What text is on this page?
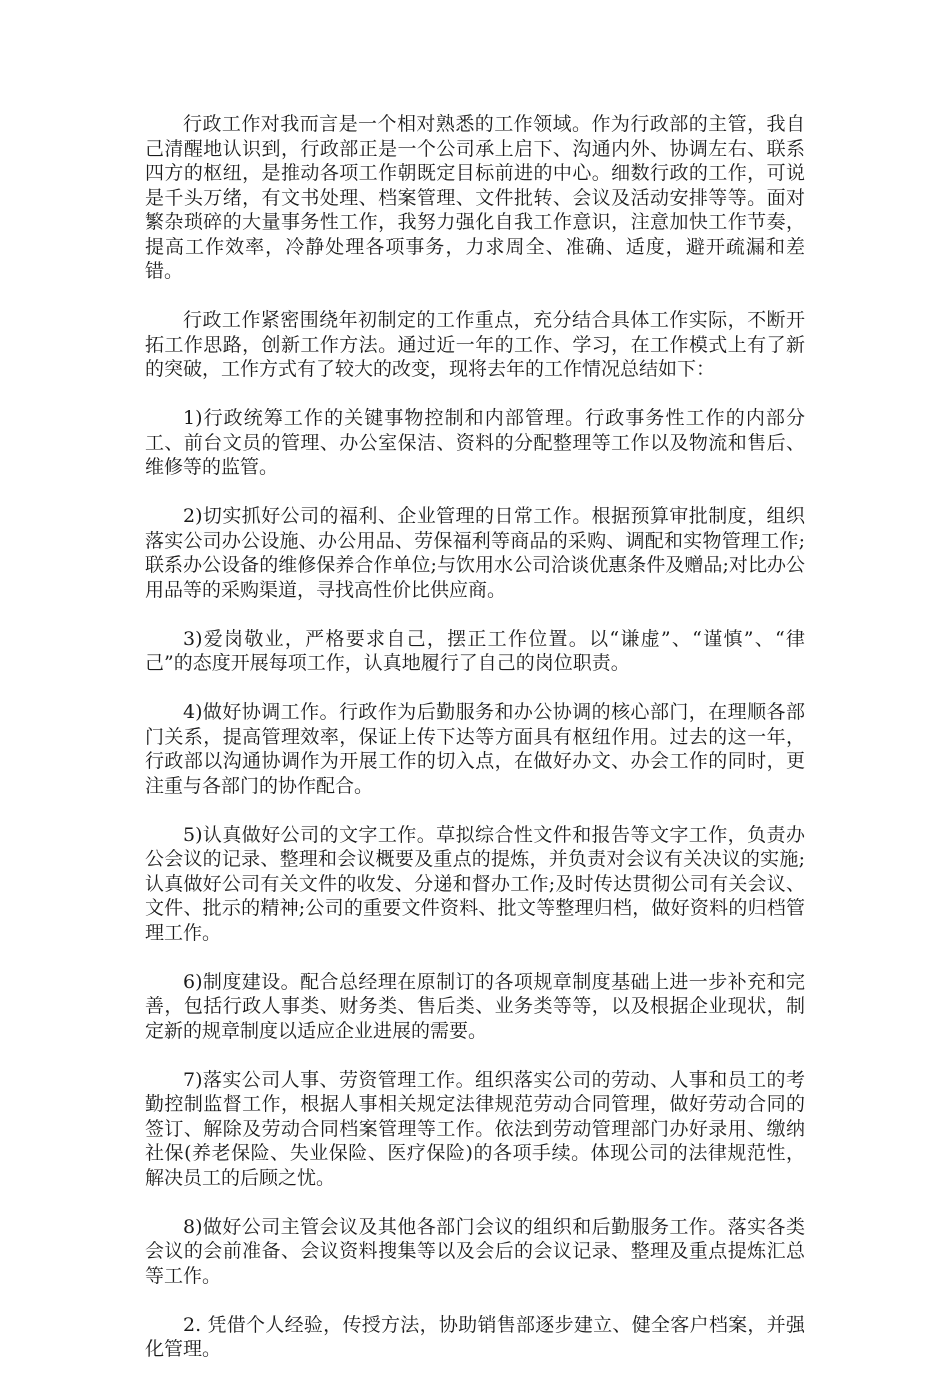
行政工作对我而言是一个相对熟悉的工作领域。作为行政部的主管，我自己清醒地认识到，行政部正是一个公司承上启下、沟通内外、协调左右、联系四方的枢纽，是推动各项工作朝既定目标前进的中心。细数行政的工作，可说是千头万绪，有文书处理、档案管理、文件批转、会议及活动安排等等。面对繁杂琐碎的大量事务性工作，我努力强化自我工作意识，注意加快工作节奏，提高工作效率，冷静处理各项事务，力求周全、准确、适度，避开疏漏和差错。

行政工作紧密围绕年初制定的工作重点，充分结合具体工作实际，不断开拓工作思路，创新工作方法。通过近一年的工作、学习，在工作模式上有了新的突破，工作方式有了较大的改变，现将去年的工作情况总结如下：

1)行政统筹工作的关键事物控制和内部管理。行政事务性工作的内部分工、前台文员的管理、办公室保洁、资料的分配整理等工作以及物流和售后、维修等的监管。

2)切实抓好公司的福利、企业管理的日常工作。根据预算审批制度，组织落实公司办公设施、办公用品、劳保福利等商品的采购、调配和实物管理工作;联系办公设备的维修保养合作单位;与饮用水公司洽谈优惠条件及赠品;对比办公用品等的采购渠道，寻找高性价比供应商。

3)爱岗敬业，严格要求自己，摆正工作位置。以“谦虚”、“谨慎”、“律己”的态度开展每项工作，认真地履行了自己的岗位职责。

4)做好协调工作。行政作为后勤服务和办公协调的核心部门，在理顺各部门关系，提高管理效率，保证上传下达等方面具有枢纽作用。过去的这一年，行政部以沟通协调作为开展工作的切入点，在做好办文、办会工作的同时，更注重与各部门的协作配合。

5)认真做好公司的文字工作。草拟综合性文件和报告等文字工作，负责办公会议的记录、整理和会议概要及重点的提炼，并负责对会议有关决议的实施;认真做好公司有关文件的收发、分递和督办工作;及时传达贯彻公司有关会议、文件、批示的精神;公司的重要文件资料、批文等整理归档，做好资料的归档管理工作。

6)制度建设。配合总经理在原制订的各项规章制度基础上进一步补充和完善，包括行政人事类、财务类、售后类、业务类等等，以及根据企业现状，制定新的规章制度以适应企业进展的需要。

7)落实公司人事、劳资管理工作。组织落实公司的劳动、人事和员工的考勤控制监督工作，根据人事相关规定法律规范劳动合同管理，做好劳动合同的签订、解除及劳动合同档案管理等工作。依法到劳动管理部门办好录用、缴纳社保(养老保险、失业保险、医疗保险)的各项手续。体现公司的法律规范性，解决员工的后顾之忧。

8)做好公司主管会议及其他各部门会议的组织和后勤服务工作。落实各类会议的会前准备、会议资料搜集等以及会后的会议记录、整理及重点提炼汇总等工作。

2. 凭借个人经验，传授方法，协助销售部逐步建立、健全客户档案，并强化管理。
